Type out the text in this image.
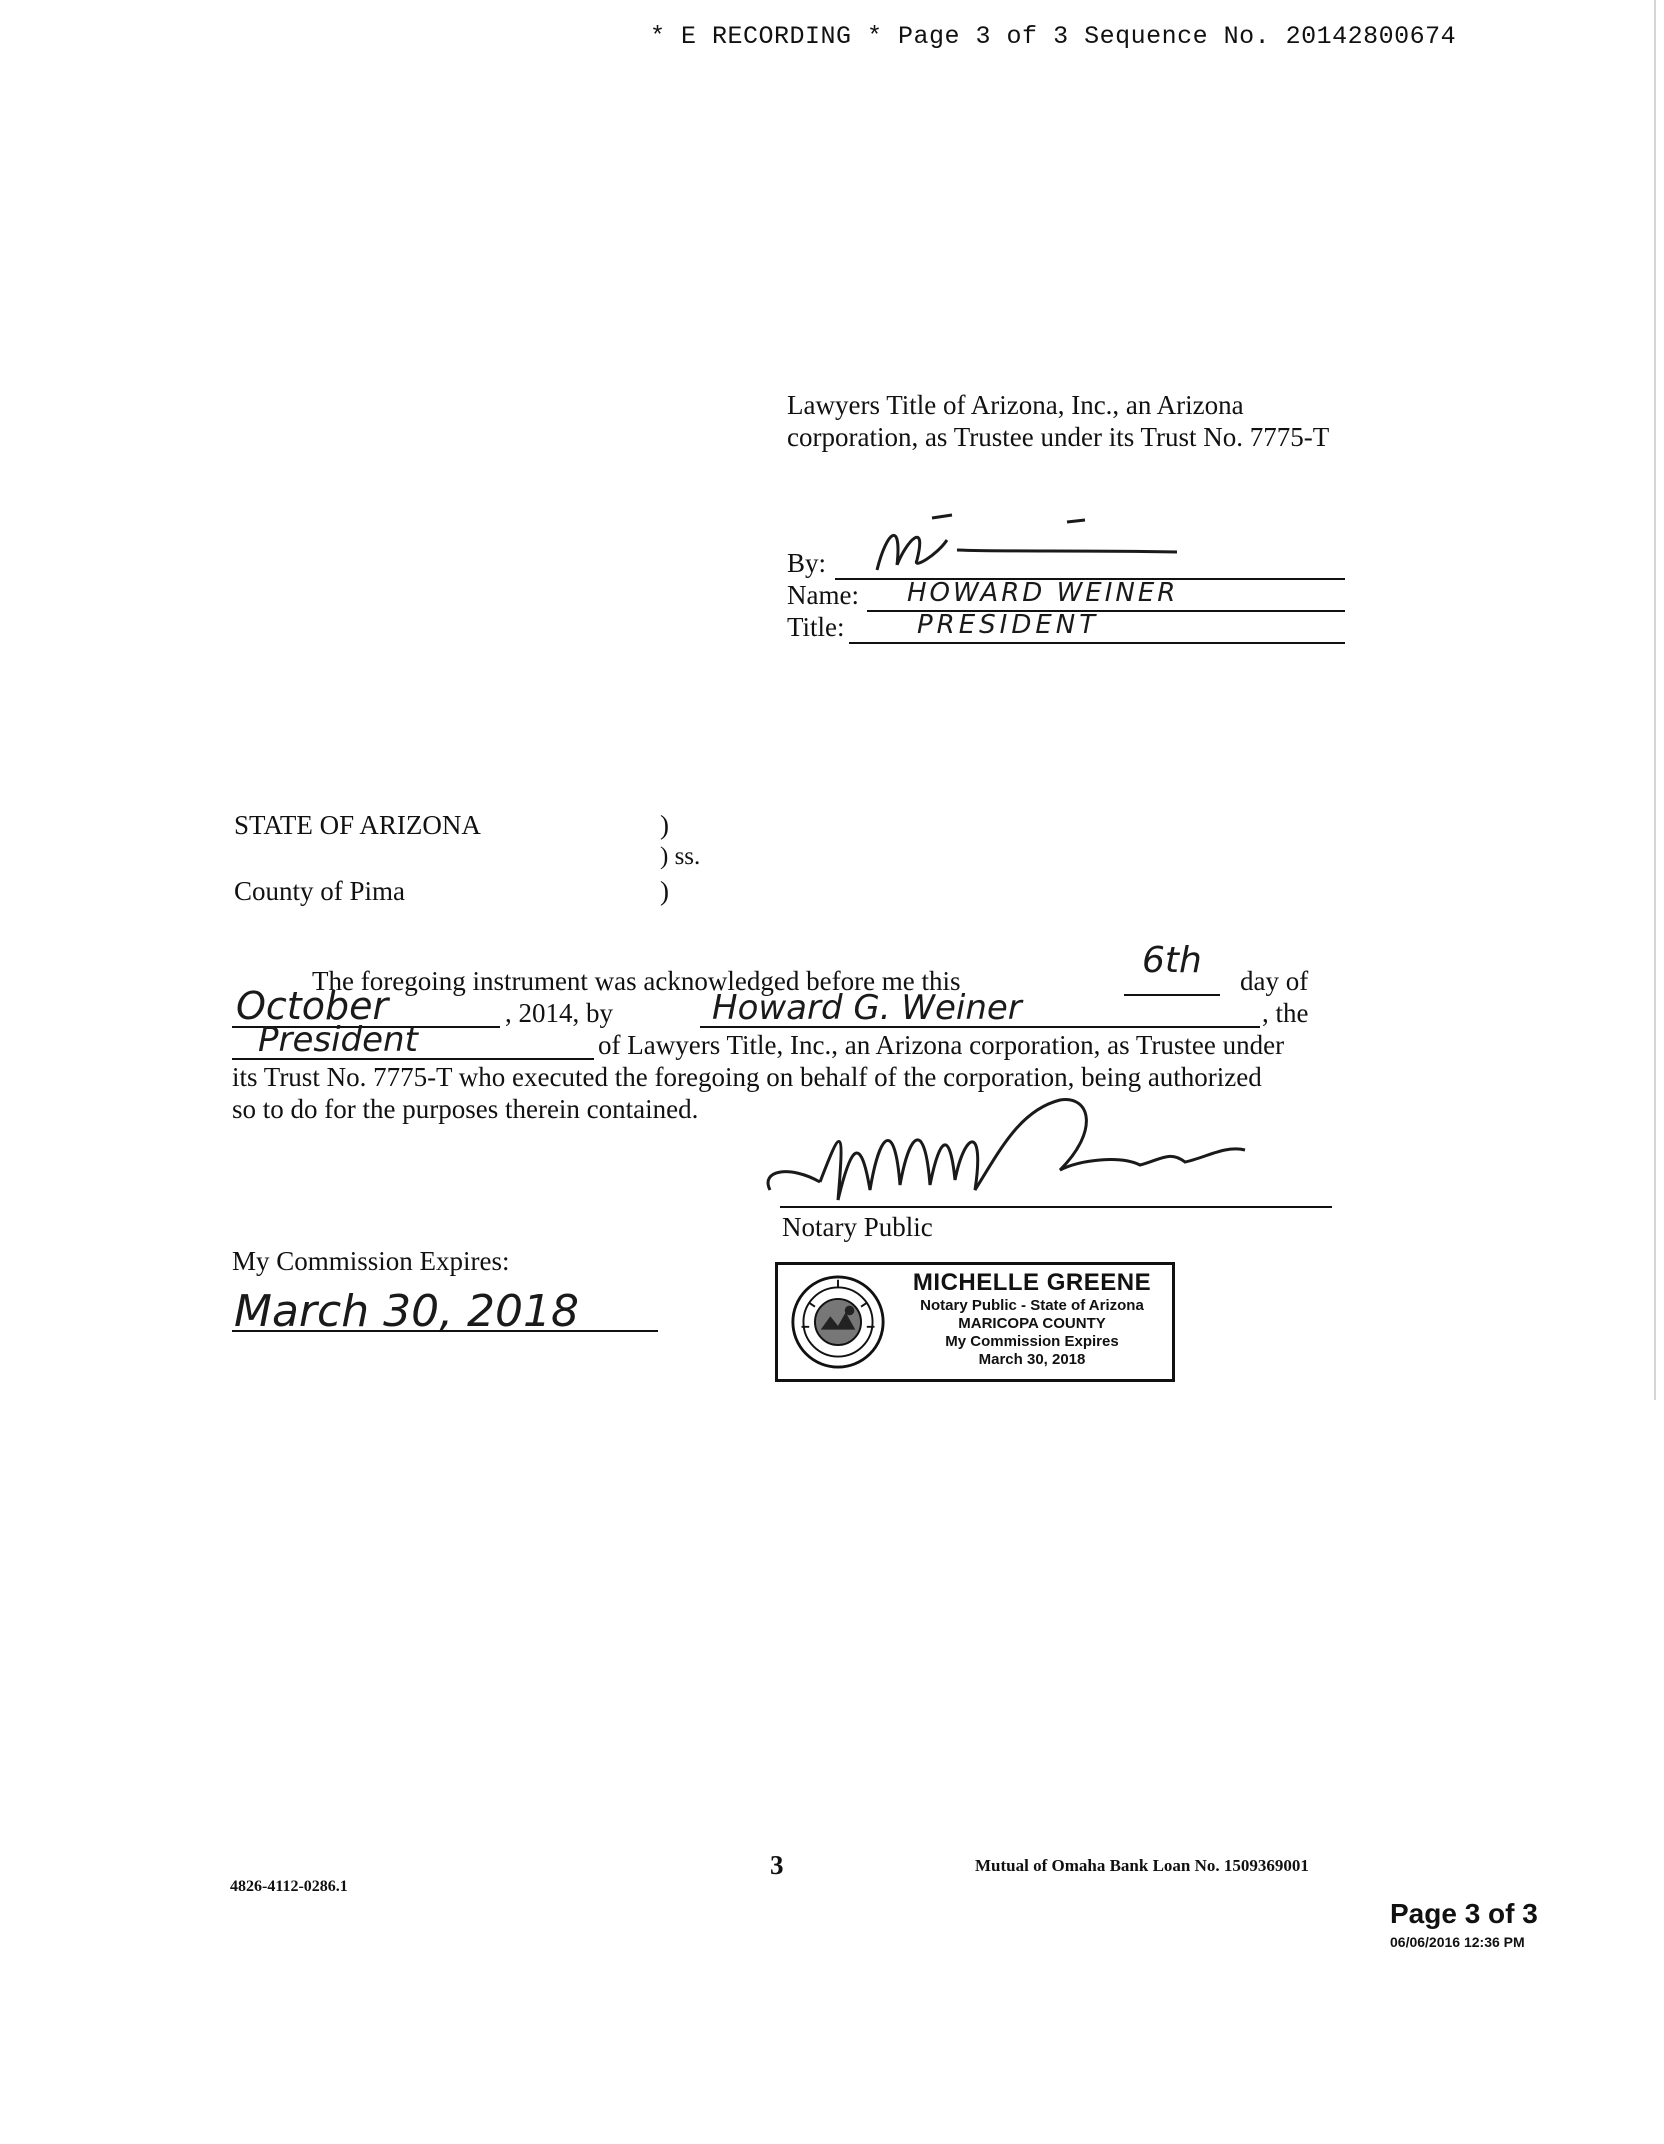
* E RECORDING * Page 3 of 3 Sequence No. 20142800674
Lawyers Title of Arizona, Inc., an Arizona corporation, as Trustee under its Trust No. 7775-T
By:
Name: HOWARD WEINER
Title:	PRESIDENT
STATE OF ARIZONA	)
) ss.
County of Pima	)
The foregoing instrument was acknowledged before me this	6th day of
October	, 2014, by	Howard G. Weiner	, the
President	of Lawyers Title, Inc., an Arizona corporation, as Trustee under
its Trust No. 7775-T who executed the foregoing on behalf of the corporation, being authorized
so to do for the purposes therein contained.
Notary Public
My Commission Expires:
March 30, 2018
MICHELLE GREENE
Notary Public - State of Arizona
MARICOPA COUNTY
My Commission Expires
March 30, 2018
3	Mutual of Omaha Bank Loan No. 1509369001
4826-4112-0286.1
Page 3 of 3
06/06/2016 12:36 PM
